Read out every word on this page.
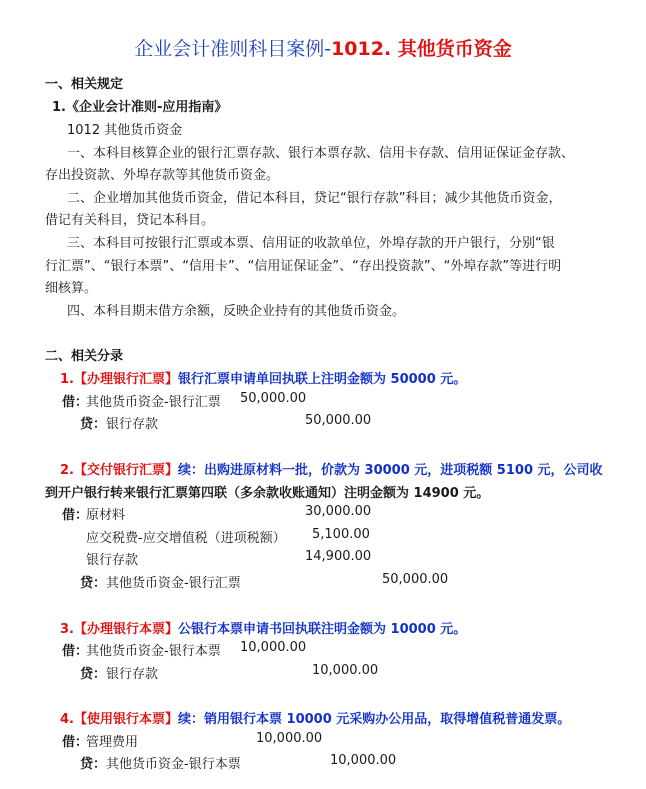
企业会计准则科目案例-1012. 其他货币资金
一、相关规定
1.《企业会计准则-应用指南》
1012 其他货币资金
一、本科目核算企业的银行汇票存款、银行本票存款、信用卡存款、信用证保证金存款、
存出投资款、外埠存款等其他货币资金。
二、企业增加其他货币资金，借记本科目，贷记“银行存款”科目；减少其他货币资金，
借记有关科目，贷记本科目。
三、本科目可按银行汇票或本票、信用证的收款单位，外埠存款的开户银行，分别“银
行汇票”、“银行本票”、“信用卡”、“信用证保证金”、“存出投资款”、“外埠存款”等进行明
细核算。
四、本科目期末借方余额，反映企业持有的其他货币资金。
二、相关分录
1.【办理银行汇票】银行汇票申请单回执联上注明金额为 50000 元。
借：
其他货币资金-银行汇票 50,000.00
贷： 银行存款	50,000.00
2.【交付银行汇票】续：出购进原材料一批，价款为 30000 元，进项税额 5100 元，公司收
到开户银行转来银行汇票第四联（多余款收账通知）注明金额为 14900 元。
借：
原材料	30,000.00
应交税费-应交增值税（进项税额） 5,100.00
银行存款	14,900.00
贷： 其他货币资金-银行汇票	50,000.00
3.【办理银行本票】公银行本票申请书回执联注明金额为 10000 元。
借：
其他货币资金-银行本票 10,000.00
贷： 银行存款	10,000.00
4.【使用银行本票】续：销用银行本票 10000 元采购办公用品，取得增值税普通发票。
借：
管理费用	10,000.00
贷： 其他货币资金-银行本票	10,000.00
